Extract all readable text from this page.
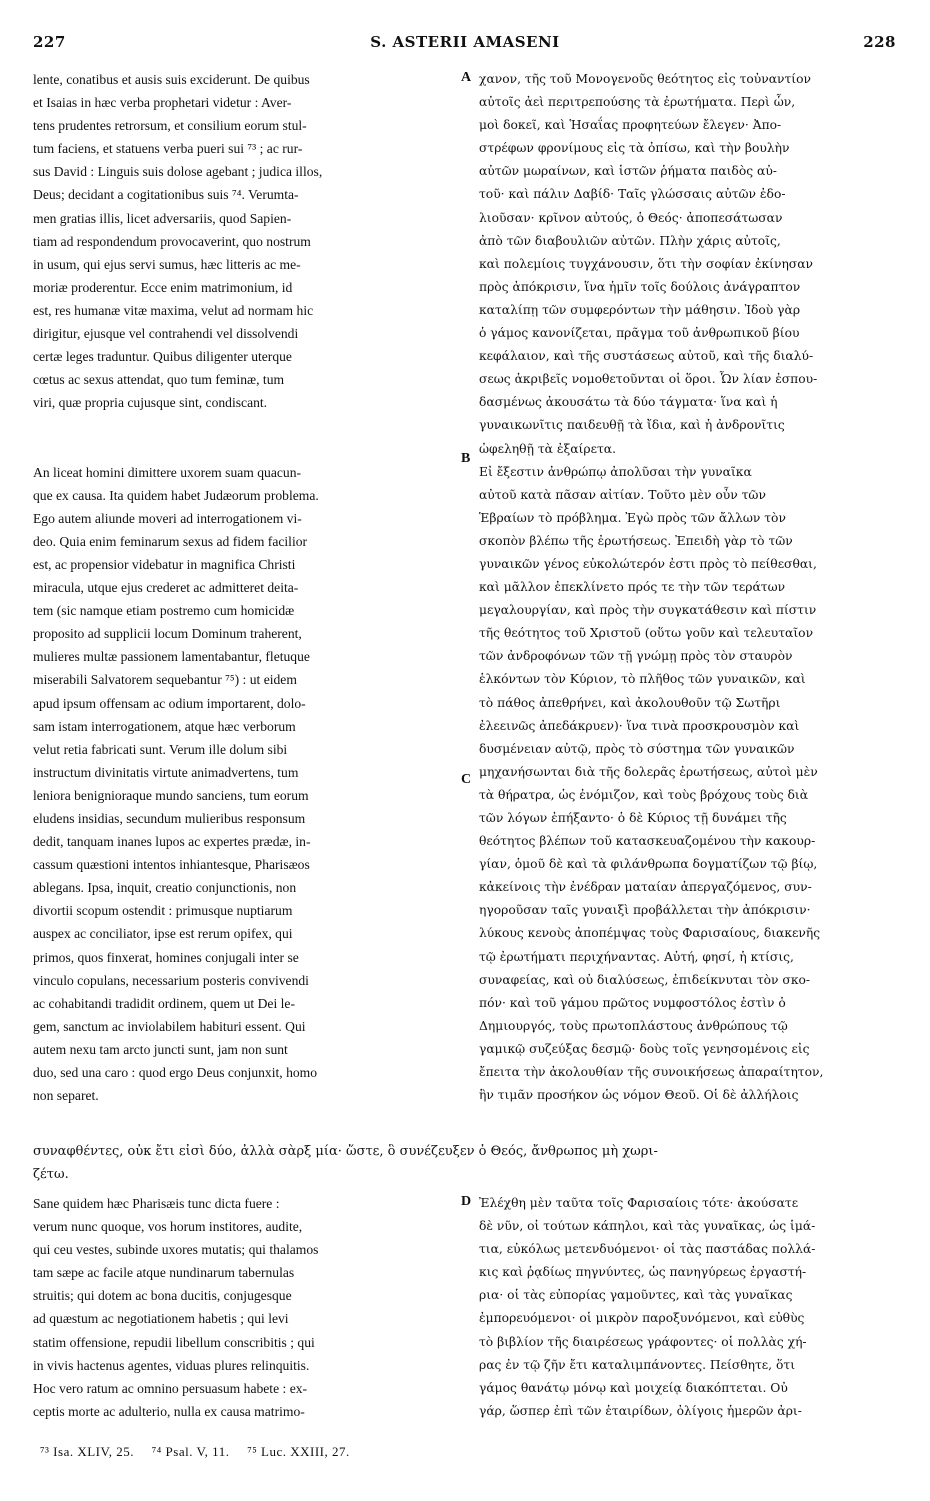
227	S. ASTERII AMASENI	228
A
B
C
D
lente, conatibus et ausis suis exciderunt. De quibus
et Isaias in hæc verba prophetari videtur : Aver-
tens prudentes retrorsum, et consilium eorum stul-
tum faciens, et statuens verba pueri sui ⁷³ ; ac rur-
sus David : Linguis suis dolose agebant ; judica illos,
Deus; decidant a cogitationibus suis ⁷⁴. Verumta-
men gratias illis, licet adversariis, quod Sapien-
tiam ad respondendum provocaverint, quo nostrum
in usum, qui ejus servi sumus, hæc litteris ac me-
moriæ proderentur. Ecce enim matrimonium, id
est, res humanæ vitæ maxima, velut ad normam hic
dirigitur, ejusque vel contrahendi vel dissolvendi
certæ leges traduntur. Quibus diligenter uterque
cœtus ac sexus attendat, quo tum feminæ, tum
viri, quæ propria cujusque sint, condiscant.
An liceat homini dimittere uxorem suam quacun-
que ex causa. Ita quidem habet Judæorum problema.
Ego autem aliunde moveri ad interrogationem vi-
deo. Quia enim feminarum sexus ad fidem facilior
est, ac propensior videbatur in magnifica Christi
miracula, utque ejus crederet ac admitteret deita-
tem (sic namque etiam postremo cum homicidæ
proposito ad supplicii locum Dominum traherent,
mulieres multæ passionem lamentabantur, fletuque
miserabili Salvatorem sequebantur ⁷⁵) : ut eidem
apud ipsum offensam ac odium importarent, dolo-
sam istam interrogationem, atque hæc verborum
velut retia fabricati sunt. Verum ille dolum sibi
instructum divinitatis virtute animadvertens, tum
leniora benignioraque mundo sanciens, tum eorum
eludens insidias, secundum mulieribus responsum
dedit, tanquam inanes lupos ac expertes prædæ, in-
cassum quæstioni intentos inhiantesque, Pharisæos
ablegans. Ipsa, inquit, creatio conjunctionis, non
divortii scopum ostendit : primusque nuptiarum
auspex ac conciliator, ipse est rerum opifex, qui
primos, quos finxerat, homines conjugali inter se
vinculo copulans, necessarium posteris convivendi
ac cohabitandi tradidit ordinem, quem ut Dei le-
gem, sanctum ac inviolabilem habituri essent. Qui
autem nexu tam arcto juncti sunt, jam non sunt
duo, sed una caro : quod ergo Deus conjunxit, homo
non separet.
χανον, τῆς τοῦ Μονογενοῦς θεότητος εἰς τοὐναντίον
αὐτοῖς ἀεὶ περιτρεπούσης τὰ ἐρωτήματα. Περὶ ὧν,
μοὶ δοκεῖ, καὶ Ἡσαΐας προφητεύων ἔλεγεν· Ἀπο-
στρέφων φρονίμους εἰς τὰ ὀπίσω, καὶ τὴν βουλὴν
αὐτῶν μωραίνων, καὶ ἱστῶν ῥήματα παιδὸς αὐ-
τοῦ· καὶ πάλιν Δαβίδ· Ταῖς γλώσσαις αὐτῶν ἐδο-
λιοῦσαν· κρῖνον αὐτούς, ὁ Θεός· ἀποπεσάτωσαν
ἀπὸ τῶν διαβουλιῶν αὐτῶν. Πλὴν χάρις αὐτοῖς,
καὶ πολεμίοις τυγχάνουσιν, ὅτι τὴν σοφίαν ἐκίνησαν
πρὸς ἀπόκρισιν, ἵνα ἡμῖν τοῖς δούλοις ἀνάγραπτον
καταλίπῃ τῶν συμφερόντων τὴν μάθησιν. Ἰδοὺ γὰρ
ὁ γάμος κανονίζεται, πρᾶγμα τοῦ ἀνθρωπικοῦ βίου
κεφάλαιον, καὶ τῆς συστάσεως αὐτοῦ, καὶ τῆς διαλύ-
σεως ἀκριβεῖς νομοθετοῦνται οἱ ὅροι. Ὧν λίαν ἐσπου-
δασμένως ἀκουσάτω τὰ δύο τάγματα· ἵνα καὶ ἡ
γυναικωνῖτις παιδευθῇ τὰ ἴδια, καὶ ἡ ἀνδρονῖτις
ὠφεληθῇ τὰ ἐξαίρετα.
Εἰ ἔξεστιν ἀνθρώπῳ ἀπολῦσαι τὴν γυναῖκα
αὐτοῦ κατὰ πᾶσαν αἰτίαν. Τοῦτο μὲν οὖν τῶν
Ἑβραίων τὸ πρόβλημα. Ἐγὼ πρὸς τῶν ἄλλων τὸν
σκοπὸν βλέπω τῆς ἐρωτήσεως. Ἐπειδὴ γὰρ τὸ τῶν
γυναικῶν γένος εὐκολώτερόν ἐστι πρὸς τὸ πείθεσθαι,
καὶ μᾶλλον ἐπεκλίνετο πρός τε τὴν τῶν τεράτων
μεγαλουργίαν, καὶ πρὸς τὴν συγκατάθεσιν καὶ πίστιν
τῆς θεότητος τοῦ Χριστοῦ (οὕτω γοῦν καὶ τελευταῖον
τῶν ἀνδροφόνων τῶν τῇ γνώμῃ πρὸς τὸν σταυρὸν
ἑλκόντων τὸν Κύριον, τὸ πλῆθος τῶν γυναικῶν, καὶ
τὸ πάθος ἀπεθρήνει, καὶ ἀκολουθοῦν τῷ Σωτῆρι
ἐλεεινῶς ἀπεδάκρυεν)· ἵνα τινὰ προσκρουσμὸν καὶ
δυσμένειαν αὐτῷ, πρὸς τὸ σύστημα τῶν γυναικῶν
μηχανήσωνται διὰ τῆς δολερᾶς ἐρωτήσεως, αὐτοὶ μὲν
τὰ θήρατρα, ὡς ἐνόμιζον, καὶ τοὺς βρόχους τοὺς διὰ
τῶν λόγων ἐπήξαντο· ὁ δὲ Κύριος τῇ δυνάμει τῆς
θεότητος βλέπων τοῦ κατασκευαζομένου τὴν κακουρ-
γίαν, ὁμοῦ δὲ καὶ τὰ φιλάνθρωπα δογματίζων τῷ βίῳ,
κἀκείνοις τὴν ἐνέδραν ματαίαν ἀπεργαζόμενος, συν-
ηγοροῦσαν ταῖς γυναιξὶ προβάλλεται τὴν ἀπόκρισιν·
λύκους κενοὺς ἀποπέμψας τοὺς Φαρισαίους, διακενῆς
τῷ ἐρωτήματι περιχήναντας. Αὐτή, φησί, ἡ κτίσις,
συναφείας, καὶ οὐ διαλύσεως, ἐπιδείκνυται τὸν σκο-
πόν· καὶ τοῦ γάμου πρῶτος νυμφοστόλος ἐστὶν ὁ
Δημιουργός, τοὺς πρωτοπλάστους ἀνθρώπους τῷ
γαμικῷ συζεύξας δεσμῷ· δοὺς τοῖς γενησομένοις εἰς
ἔπειτα τὴν ἀκολουθίαν τῆς συνοικήσεως ἀπαραίτητον,
ἣν τιμᾶν προσήκον ὡς νόμον Θεοῦ. Οἱ δὲ ἀλλήλοις
συναφθέντες, οὐκ ἔτι εἰσὶ δύο, ἀλλὰ σὰρξ μία· ὥστε, ὃ συνέζευξεν ὁ Θεός, ἄνθρωπος μὴ χωρι-
ζέτω.
Sane quidem hæc Pharisæis tunc dicta fuere :
verum nunc quoque, vos horum institores, audite,
qui ceu vestes, subinde uxores mutatis; qui thalamos
tam sæpe ac facile atque nundinarum tabernulas
struitis; qui dotem ac bona ducitis, conjugesque
ad quæstum ac negotiationem habetis ; qui levi
statim offensione, repudii libellum conscribitis ; qui
in vivis hactenus agentes, viduas plures relinquitis.
Hoc vero ratum ac omnino persuasum habete : ex-
ceptis morte ac adulterio, nulla ex causa matrimo-
Ἐλέχθη μὲν ταῦτα τοῖς Φαρισαίοις τότε· ἀκούσατε
δὲ νῦν, οἱ τούτων κάπηλοι, καὶ τὰς γυναῖκας, ὡς ἱμά-
τια, εὐκόλως μετενδυόμενοι· οἱ τὰς παστάδας πολλά-
κις καὶ ῥᾳδίως πηγνύντες, ὡς πανηγύρεως ἐργαστή-
ρια· οἱ τὰς εὐπορίας γαμοῦντες, καὶ τὰς γυναῖκας
ἐμπορευόμενοι· οἱ μικρὸν παροξυνόμενοι, καὶ εὐθὺς
τὸ βιβλίον τῆς διαιρέσεως γράφοντες· οἱ πολλὰς χή-
ρας ἐν τῷ ζῆν ἔτι καταλιμπάνοντες. Πείσθητε, ὅτι
γάμος θανάτῳ μόνῳ καὶ μοιχείᾳ διακόπτεται. Οὐ
γάρ, ὥσπερ ἐπὶ τῶν ἑταιρίδων, ὀλίγοις ἡμερῶν ἀρι-
⁷³ Isa. XLIV, 25. ⁷⁴ Psal. V, 11. ⁷⁵ Luc. XXIII, 27.
